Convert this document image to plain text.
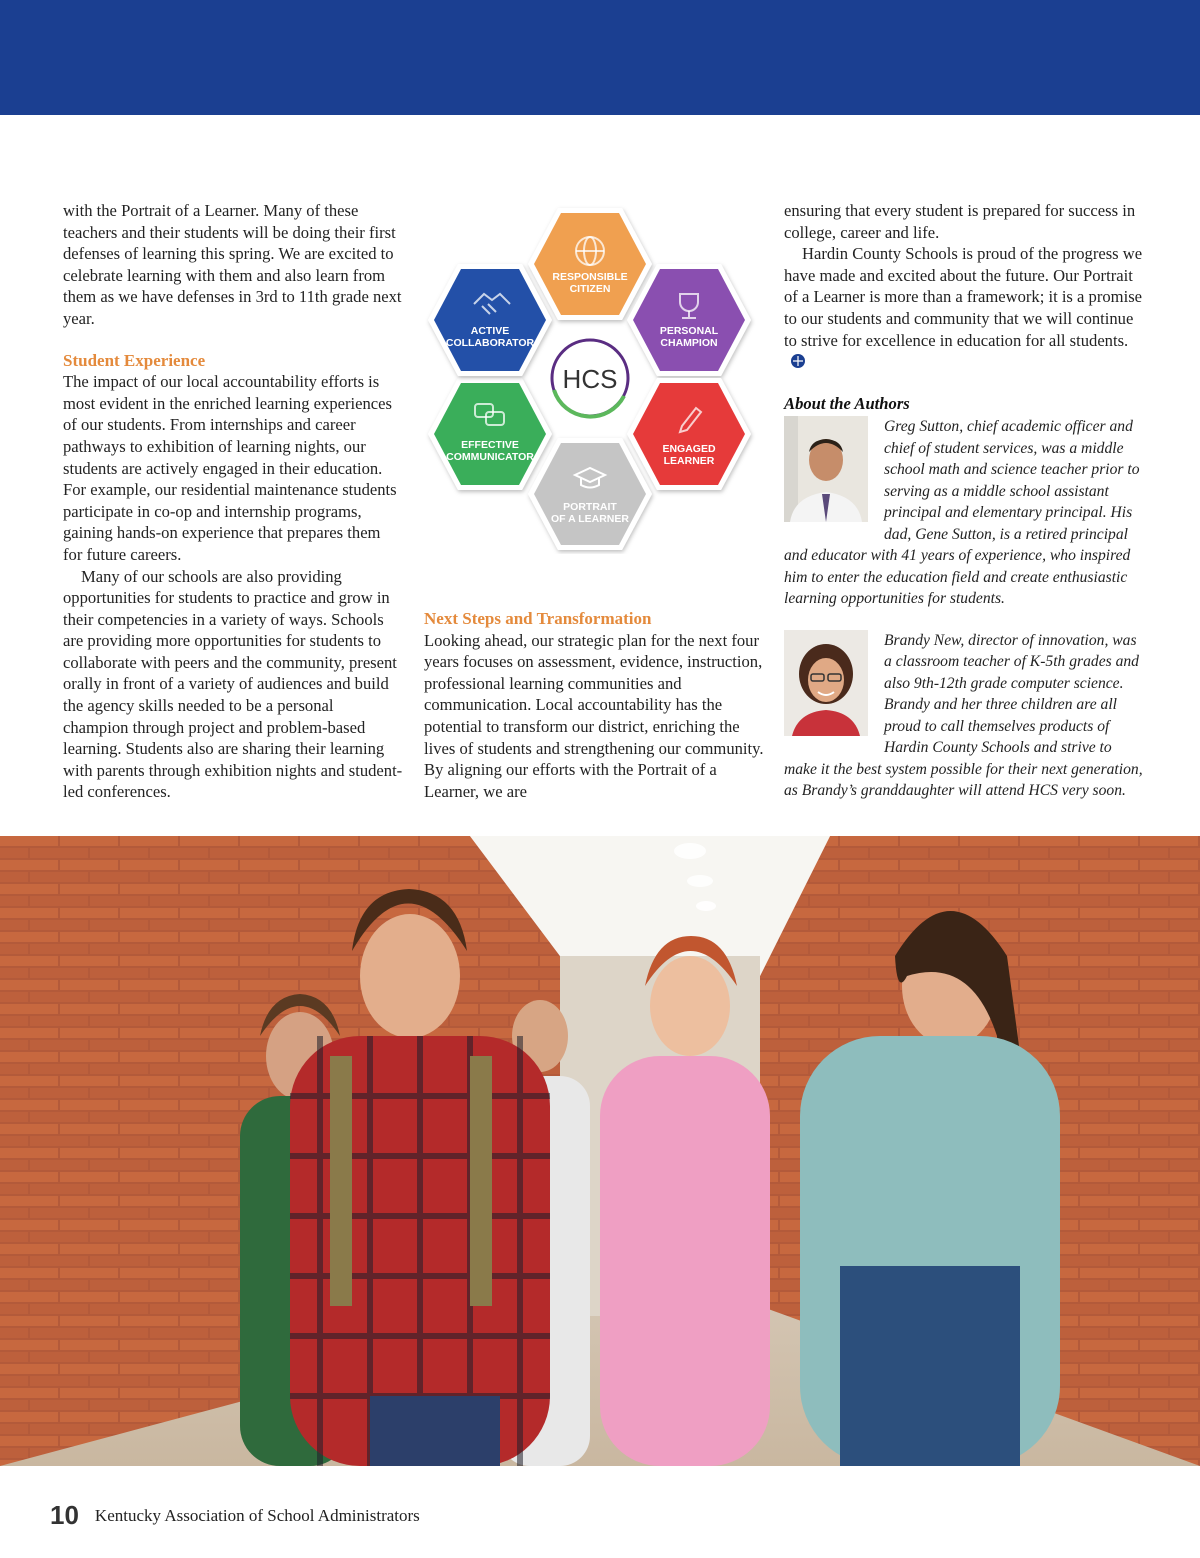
with the Portrait of a Learner. Many of these teachers and their students will be doing their first defenses of learning this spring. We are excited to celebrate learning with them and also learn from them as we have defenses in 3rd to 11th grade next year.

Student Experience

The impact of our local accountability efforts is most evident in the enriched learning experiences of our students. From internships and career pathways to exhibition of learning nights, our students are actively engaged in their education. For example, our residential maintenance students participate in co-op and internship programs, gaining hands-on experience that prepares them for future careers.

Many of our schools are also providing opportunities for students to practice and grow in their competencies in a variety of ways. Schools are providing more opportunities for students to collaborate with peers and the community, present orally in front of a variety of audiences and build the agency skills needed to be a personal champion through project and problem-based learning. Students also are sharing their learning with parents through exhibition nights and student-led conferences.

RESPONSIBLE
CITIZEN
PERSONAL
CHAMPION
ENGAGED
LEARNER
PORTRAIT
OF A LEARNER
EFFECTIVE
COMMUNICATOR
ACTIVE
COLLABORATOR
HCS

Next Steps and Transformation

Looking ahead, our strategic plan for the next four years focuses on assessment, evidence, instruction, professional learning communities and communication. Local accountability has the potential to transform our district, enriching the lives of students and strengthening our community. By aligning our efforts with the Portrait of a Learner, we are

ensuring that every student is prepared for success in college, career and life.

Hardin County Schools is proud of the progress we have made and excited about the future. Our Portrait of a Learner is more than a framework; it is a promise to our students and community that we will continue to strive for excellence in education for all students.

About the Authors

Greg Sutton, chief academic officer and chief of student services, was a middle school math and science teacher prior to serving as a middle school assistant principal and elementary principal. His dad, Gene Sutton, is a retired principal and educator with 41 years of experience, who inspired him to enter the education field and create enthusiastic learning opportunities for students.
Brandy New, director of innovation, was a classroom teacher of K-5th grades and also 9th-12th grade computer science. Brandy and her three children are all proud to call themselves products of Hardin County Schools and strive to make it the best system possible for their next generation, as Brandy’s granddaughter will attend HCS very soon.
10 Kentucky Association of School Administrators
